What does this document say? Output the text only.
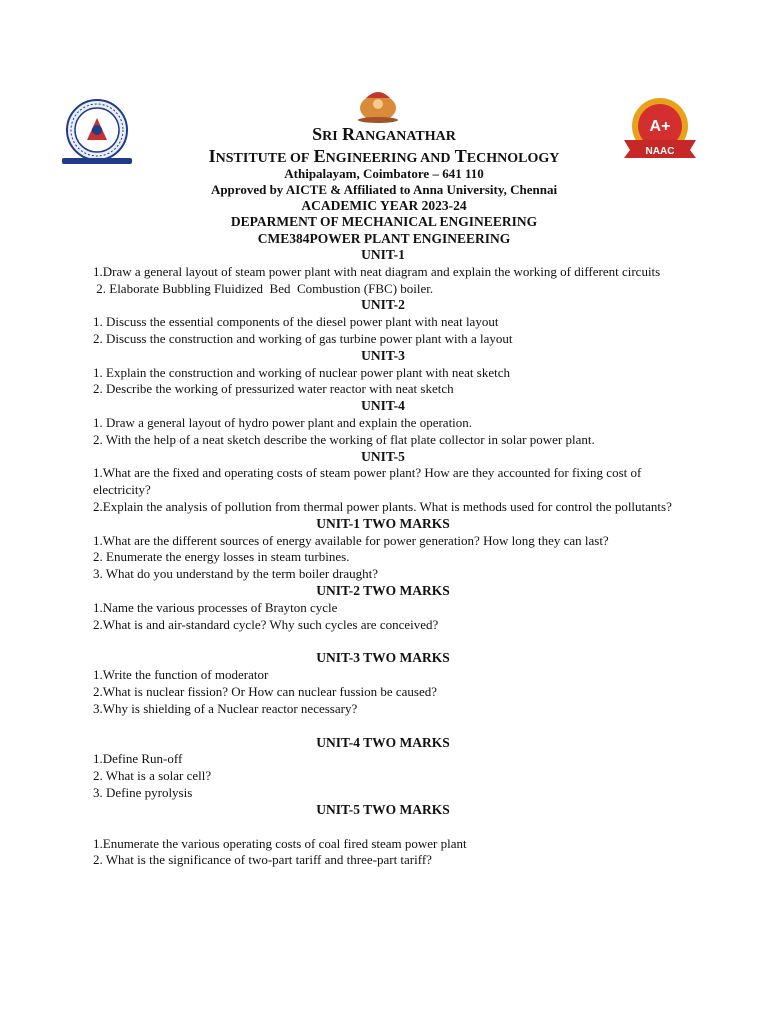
A+
NAAC
SRI RANGANATHAR
INSTITUTE OF ENGINEERING AND TECHNOLOGY
Athipalayam, Coimbatore – 641 110
Approved by AICTE & Affiliated to Anna University, Chennai
ACADEMIC YEAR 2023-24
DEPARMENT OF MECHANICAL ENGINEERING
CME384POWER PLANT ENGINEERING
UNIT-1

1.Draw a general layout of steam power plant with neat diagram and explain the working of different circuits

2. Elaborate Bubbling Fluidized  Bed  Combustion (FBC) boiler.

UNIT-2

1. Discuss the essential components of the diesel power plant with neat layout

2. Discuss the construction and working of gas turbine power plant with a layout

UNIT-3

1. Explain the construction and working of nuclear power plant with neat sketch

2. Describe the working of pressurized water reactor with neat sketch

UNIT-4

1. Draw a general layout of hydro power plant and explain the operation.

2. With the help of a neat sketch describe the working of flat plate collector in solar power plant.

UNIT-5

1.What are the fixed and operating costs of steam power plant? How are they accounted for fixing cost of electricity?

2.Explain the analysis of pollution from thermal power plants. What is methods used for control the pollutants?

UNIT-1 TWO MARKS

1.What are the different sources of energy available for power generation? How long they can last?

2. Enumerate the energy losses in steam turbines.

3. What do you understand by the term boiler draught?

UNIT-2 TWO MARKS

1.Name the various processes of Brayton cycle

2.What is and air-standard cycle? Why such cycles are conceived?

UNIT-3 TWO MARKS

1.Write the function of moderator

2.What is nuclear fission? Or How can nuclear fussion be caused?

3.Why is shielding of a Nuclear reactor necessary?

UNIT-4 TWO MARKS

1.Define Run-off

2. What is a solar cell?

3. Define pyrolysis

UNIT-5 TWO MARKS

1.Enumerate the various operating costs of coal fired steam power plant

2. What is the significance of two-part tariff and three-part tariff?
